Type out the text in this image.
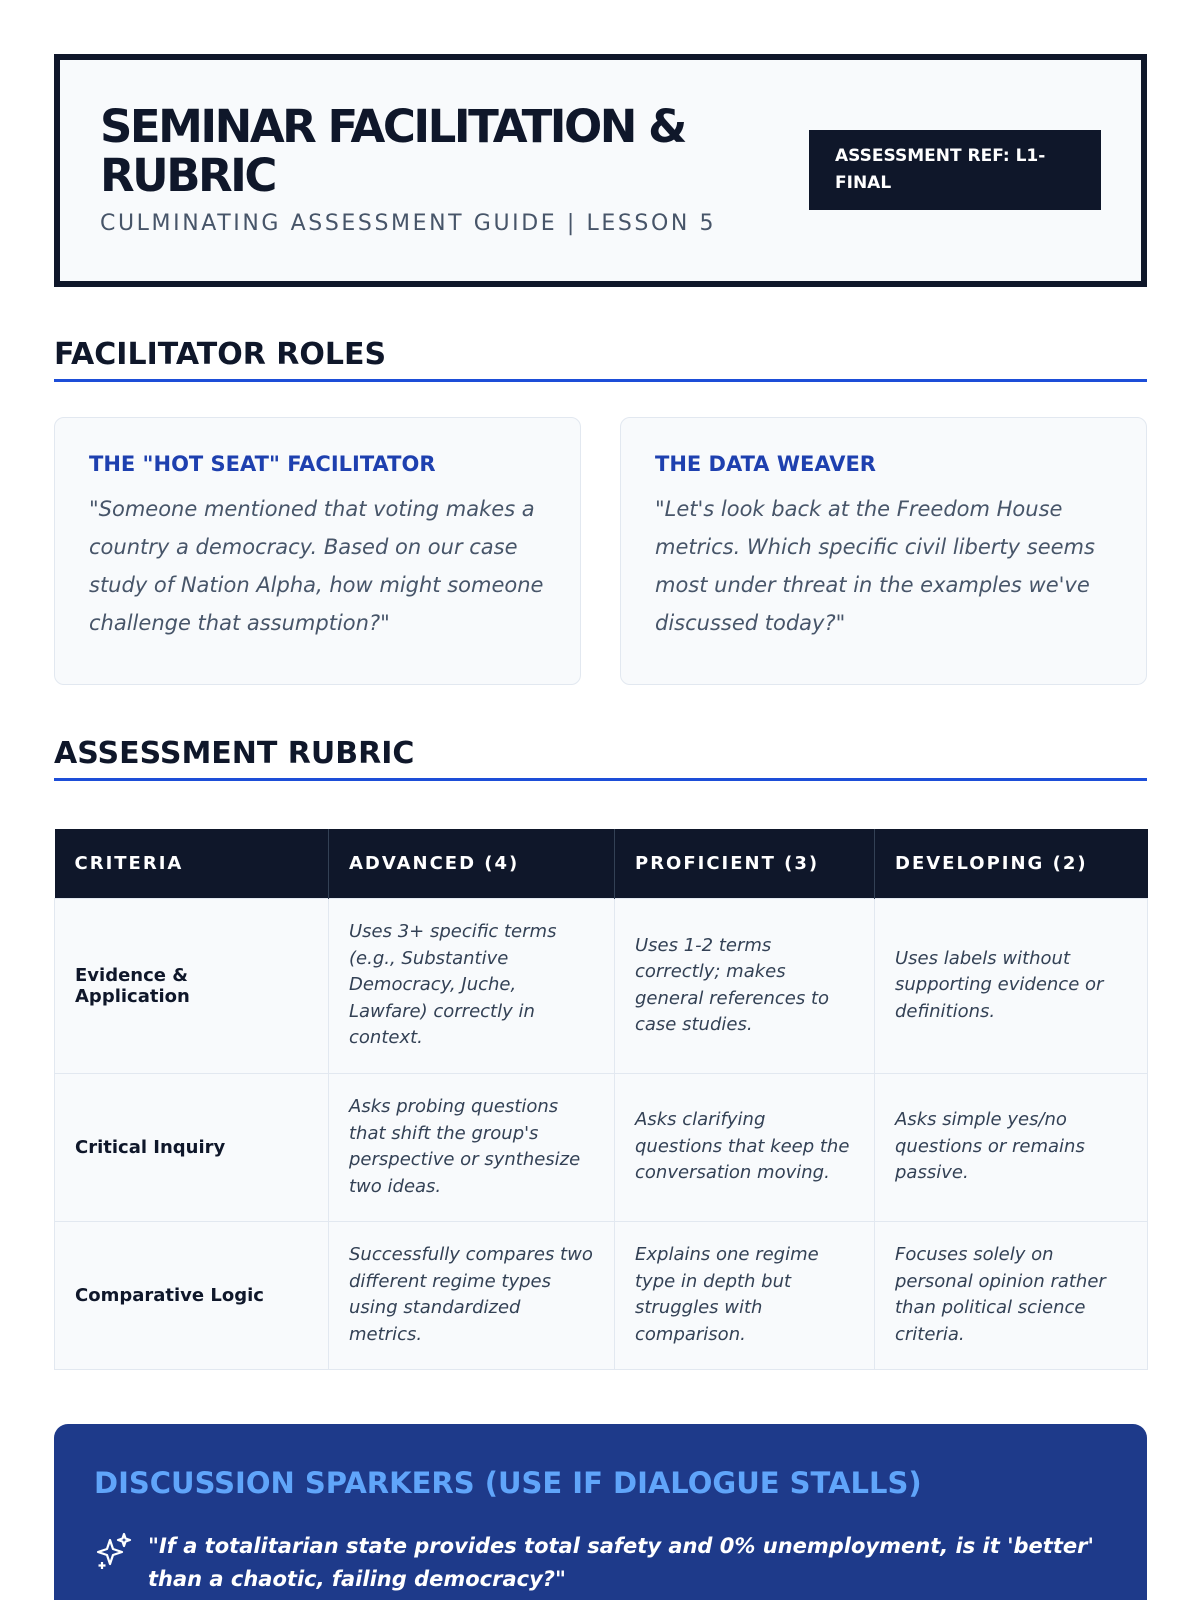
SEMINAR FACILITATION & RUBRIC
CULMINATING ASSESSMENT GUIDE | LESSON 5
ASSESSMENT REF: L1-FINAL
FACILITATOR ROLES
THE "HOT SEAT" FACILITATOR
"Someone mentioned that voting makes a country a democracy. Based on our case study of Nation Alpha, how might someone challenge that assumption?"
THE DATA WEAVER
"Let's look back at the Freedom House metrics. Which specific civil liberty seems most under threat in the examples we've discussed today?"
ASSESSMENT RUBRIC
CRITERIA	ADVANCED (4)	PROFICIENT (3)	DEVELOPING (2)
Evidence & Application	Uses 3+ specific terms (e.g., Substantive Democracy, Juche, Lawfare) correctly in context.	Uses 1-2 terms correctly; makes general references to case studies.	Uses labels without supporting evidence or definitions.
Critical Inquiry	Asks probing questions that shift the group's perspective or synthesize two ideas.	Asks clarifying questions that keep the conversation moving.	Asks simple yes/no questions or remains passive.
Comparative Logic	Successfully compares two different regime types using standardized metrics.	Explains one regime type in depth but struggles with comparison.	Focuses solely on personal opinion rather than political science criteria.
DISCUSSION SPARKERS (USE IF DIALOGUE STALLS)
"If a totalitarian state provides total safety and 0% unemployment, is it 'better' than a chaotic, failing democracy?"
